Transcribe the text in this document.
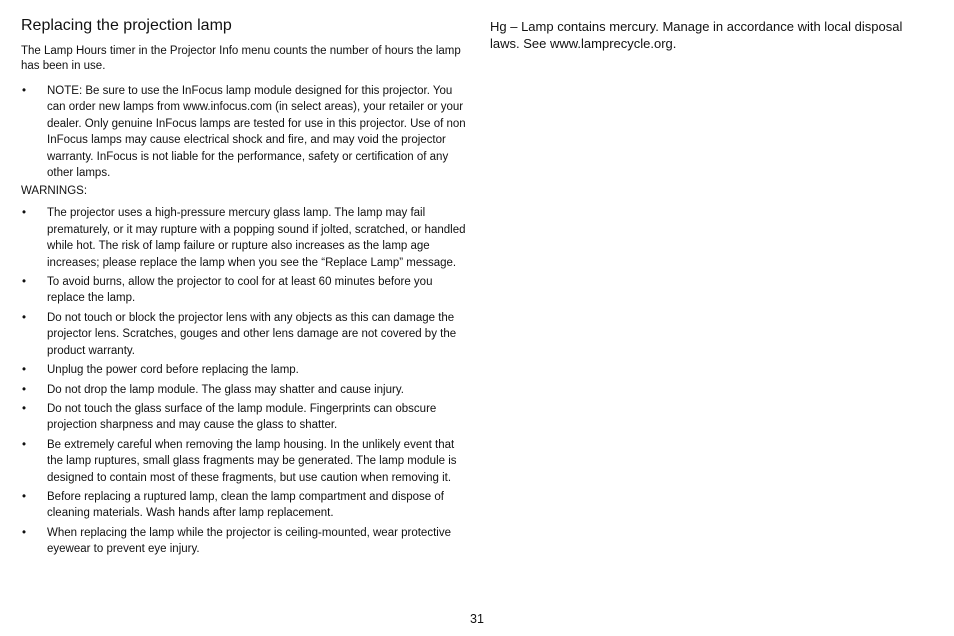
Replacing the projection lamp

The Lamp Hours timer in the Projector Info menu counts the number of hours the lamp has been in use.

• NOTE: Be sure to use the InFocus lamp module designed for this projector. You can order new lamps from www.infocus.com (in select areas), your retailer or your dealer. Only genuine InFocus lamps are tested for use in this projector. Use of non InFocus lamps may cause electrical shock and fire, and may void the projector warranty. InFocus is not liable for the performance, safety or certification of any other lamps.

WARNINGS:

• The projector uses a high-pressure mercury glass lamp. The lamp may fail prematurely, or it may rupture with a popping sound if jolted, scratched, or handled while hot. The risk of lamp failure or rupture also increases as the lamp age increases; please replace the lamp when you see the “Replace Lamp” message.
• To avoid burns, allow the projector to cool for at least 60 minutes before you replace the lamp.
• Do not touch or block the projector lens with any objects as this can damage the projector lens. Scratches, gouges and other lens damage are not covered by the product warranty.
• Unplug the power cord before replacing the lamp.
• Do not drop the lamp module. The glass may shatter and cause injury.
• Do not touch the glass surface of the lamp module. Fingerprints can obscure projection sharpness and may cause the glass to shatter.
• Be extremely careful when removing the lamp housing. In the unlikely event that the lamp ruptures, small glass fragments may be generated. The lamp module is designed to contain most of these fragments, but use caution when removing it.
• Before replacing a ruptured lamp, clean the lamp compartment and dispose of cleaning materials. Wash hands after lamp replacement.
• When replacing the lamp while the projector is ceiling-mounted, wear protective eyewear to prevent eye injury.

Hg – Lamp contains mercury. Manage in accordance with local disposal laws. See www.lamprecycle.org.

31
